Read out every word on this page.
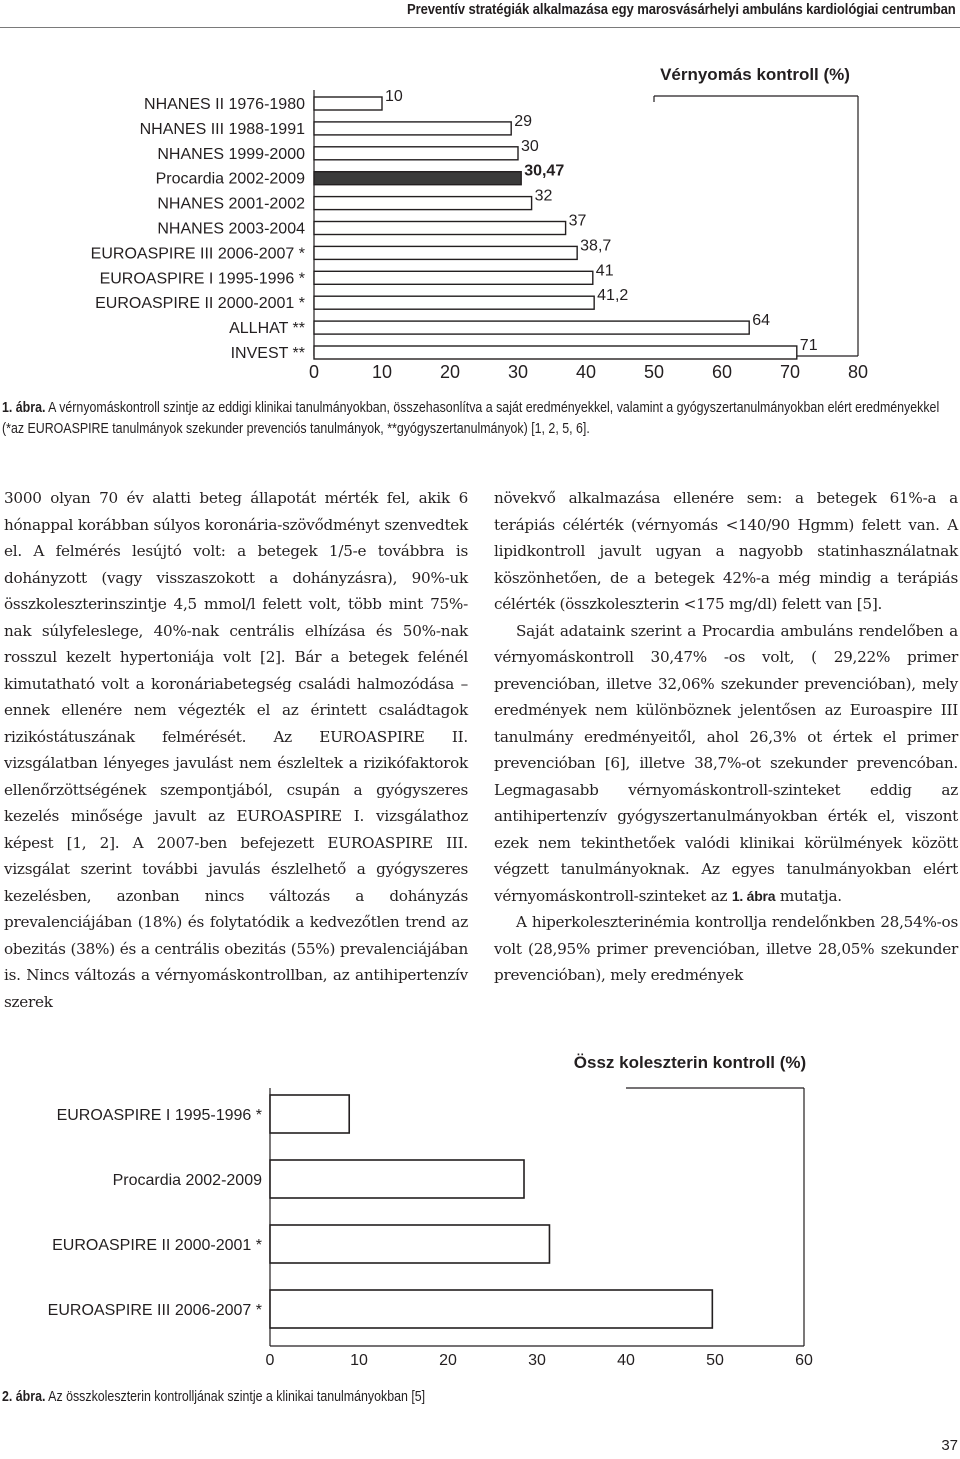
Preventív stratégiák alkalmazása egy marosvásárhelyi ambuláns kardiológiai centrumban
Vérnyomás kontroll (%)
NHANES II 1976-1980	10
NHANES III 1988-1991	29
NHANES 1999-2000	30
Procardia 2002-2009	30,47
NHANES 2001-2002	32
NHANES 2003-2004	37
EUROASPIRE III 2006-2007 *	38,7
EUROASPIRE I 1995-1996 *	41
EUROASPIRE II 2000-2001 *	41,2
ALLHAT **	64
INVEST **	71
0	10	20	30	40	50	60	70	80
1. ábra. A vérnyomáskontroll szintje az eddigi klinikai tanulmányokban, összehasonlítva a saját eredményekkel, valamint a gyógyszertanulmányokban elért eredményekkel (*az EUROASPIRE tanulmányok szekunder prevenciós tanulmányok, **gyógyszertanulmányok) [1, 2, 5, 6].

3000 olyan 70 év alatti beteg állapotát mérték fel, akik 6 hónappal korábban súlyos koronária-szövődményt szenvedtek el. A felmérés lesújtó volt: a betegek 1/5-e továbbra is dohányzott (vagy visszaszokott a dohányzásra), 90%-uk összkoleszterinszintje 4,5 mmol/l felett volt, több mint 75%-nak súlyfeleslege, 40%-nak centrális elhízása és 50%-nak rosszul kezelt hypertoniája volt [2]. Bár a betegek felénél kimutatható volt a koronáriabetegség családi halmozódása – ennek ellenére nem végezték el az érintett családtagok rizikóstátuszának felmérését. Az EUROASPIRE II. vizsgálatban lényeges javulást nem észleltek a rizikófaktorok ellenőrzöttségének szempontjából, csupán a gyógyszeres kezelés minősége javult az EUROASPIRE I. vizsgálathoz képest [1, 2]. A 2007-ben befejezett EUROASPIRE III. vizsgálat szerint további javulás észlelhető a gyógyszeres kezelésben, azonban nincs változás a dohányzás prevalenciájában (18%) és folytatódik a kedvezőtlen trend az obezitás (38%) és a centrális obezitás (55%) prevalenciájában is. Nincs változás a vérnyomáskontrollban, az antihipertenzív szerek

növekvő alkalmazása ellenére sem: a betegek 61%-a a terápiás célérték (vérnyomás <140/90 Hgmm) felett van. A lipidkontroll javult ugyan a nagyobb statinhasználatnak köszönhetően, de a betegek 42%-a még mindig a terápiás célérték (összkoleszterin <175 mg/dl) felett van [5].

Saját adataink szerint a Procardia ambuláns rendelőben a vérnyomáskontroll 30,47% -os volt, ( 29,22% primer prevencióban, illetve 32,06% szekunder prevencióban), mely eredmények nem különböznek jelentősen az Euroaspire III tanulmány eredményeitől, ahol 26,3% ot értek el primer prevencióban [6], illetve 38,7%-ot szekunder prevencóban. Legmagasabb vérnyomáskontroll-szinteket eddig az antihipertenzív gyógyszertanulmányokban érték el, viszont ezek nem tekinthetőek valódi klinikai körülmények között végzett tanulmányoknak. Az egyes tanulmányokban elért vérnyomáskontroll-szinteket az 1. ábra mutatja.

A hiperkoleszterinémia kontrollja rendelőnkben 28,54%-os volt (28,95% primer prevencióban, illetve 28,05% szekunder prevencióban), mely eredmények

Össz koleszterin kontroll (%)
EUROASPIRE I 1995-1996 *
Procardia 2002-2009
EUROASPIRE II 2000-2001 *
EUROASPIRE III 2006-2007 *
0	10	20	30	40	50	60
2. ábra. Az összkoleszterin kontrolljának szintje a klinikai tanulmányokban [5]
37
